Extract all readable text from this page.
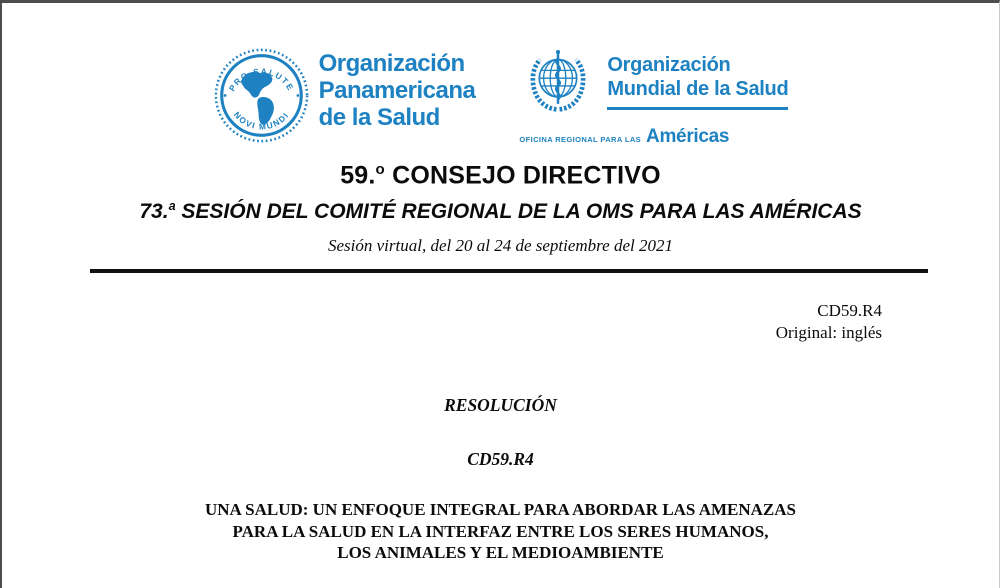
PRO SALUTE
NOVI MUNDI
Organización
Panamericana
de la Salud
Organización
Mundial de la Salud
OFICINA REGIONAL PARA LAS Américas
59.$^o$ CONSEJO DIRECTIVO
73.$^a$ SESIÓN DEL COMITÉ REGIONAL DE LA OMS PARA LAS AMÉRICAS
Sesión virtual, del 20 al 24 de septiembre del 2021
CD59.R4
Original: inglés
RESOLUCIÓN
CD59.R4
UNA SALUD: UN ENFOQUE INTEGRAL PARA ABORDAR LAS AMENAZAS
PARA LA SALUD EN LA INTERFAZ ENTRE LOS SERES HUMANOS,
LOS ANIMALES Y EL MEDIOAMBIENTE
